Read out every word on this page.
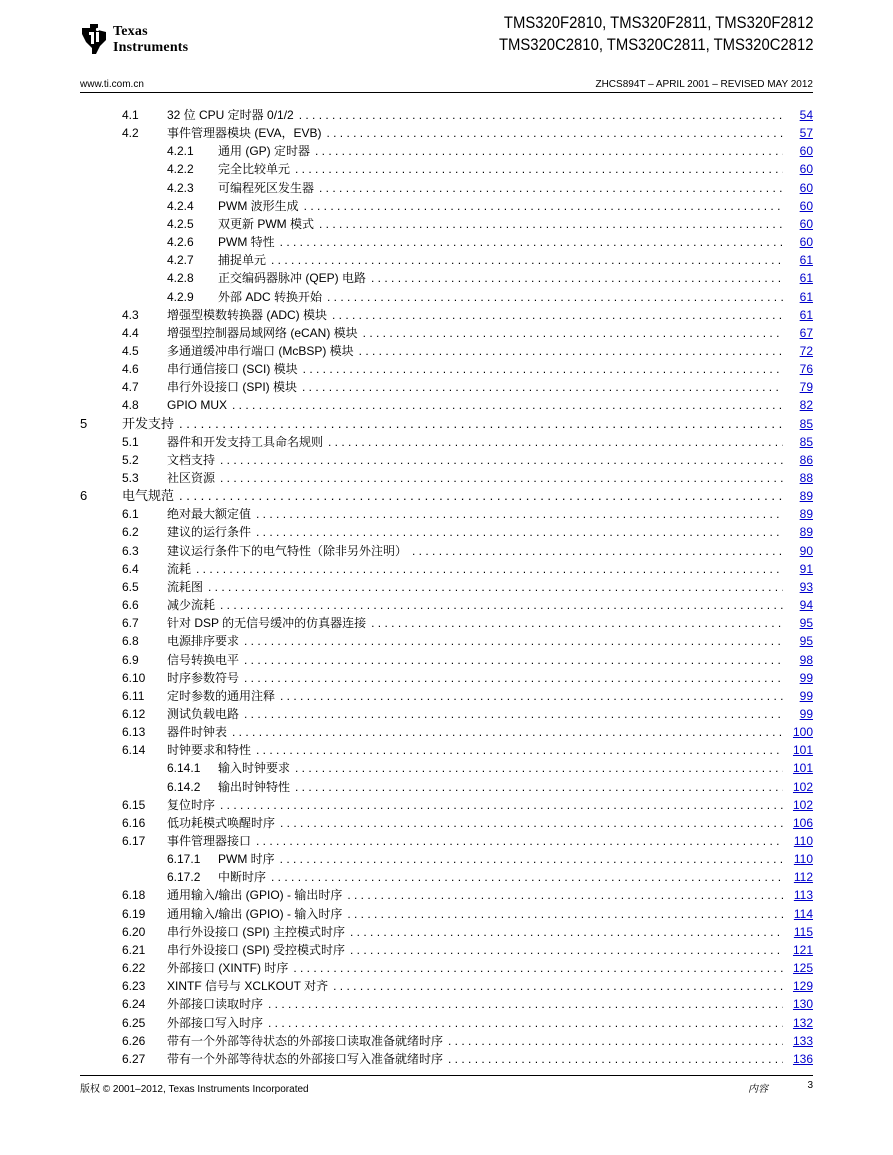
Texas
Instruments
TMS320F2810, TMS320F2811, TMS320F2812
TMS320C2810, TMS320C2811, TMS320C2812
www.ti.com.cn	ZHCS894T – APRIL 2001 – REVISED MAY 2012
4.1 32 位 CPU 定时器 0/1/2 . . .	54
4.2 事件管理器模块 (EVA，EVB) . . .	57
4.2.1 通用 (GP) 定时器 . . .	60
4.2.2 完全比较单元 . . .	60
4.2.3 可编程死区发生器 . . .	60
4.2.4 PWM 波形生成 . . .	60
4.2.5 双更新 PWM 模式 . . .	60
4.2.6 PWM 特性 . . .	60
4.2.7 捕捉单元 . . .	61
4.2.8 正交编码器脉冲 (QEP) 电路 . . .	61
4.2.9 外部 ADC 转换开始 . . .	61
4.3 增强型模数转换器 (ADC) 模块 . . .	61
4.4 增强型控制器局域网络 (eCAN) 模块 . . .	67
4.5 多通道缓冲串行端口 (McBSP) 模块 . . .	72
4.6 串行通信接口 (SCI) 模块 . . .	76
4.7 串行外设接口 (SPI) 模块 . . .	79
4.8 GPIO MUX . . .	82
5	开发支持 . . .	85
5.1 器件和开发支持工具命名规则 . . .	85
5.2 文档支持 . . .	86
5.3 社区资源 . . .	88
6	电气规范 . . .	89
6.1 绝对最大额定值 . . .	89
6.2 建议的运行条件 . . .	89
6.3 建议运行条件下的电气特性（除非另外注明） . . .	90
6.4 流耗 . . .	91
6.5 流耗图 . . .	93
6.6 减少流耗 . . .	94
6.7 针对 DSP 的无信号缓冲的仿真器连接 . . .	95
6.8 电源排序要求 . . .	95
6.9 信号转换电平 . . .	98
6.10 时序参数符号 . . .	99
6.11 定时参数的通用注释 . . .	99
6.12 测试负载电路 . . .	99
6.13 器件时钟表 . . .	100
6.14 时钟要求和特性 . . .	101
6.14.1 输入时钟要求 . . .	101
6.14.2 输出时钟特性 . . .	102
6.15 复位时序 . . .	102
6.16 低功耗模式唤醒时序 . . .	106
6.17 事件管理器接口 . . .	110
6.17.1 PWM 时序 . . .	110
6.17.2 中断时序 . . .	112
6.18 通用输入/输出 (GPIO) - 输出时序 . . .	113
6.19 通用输入/输出 (GPIO) - 输入时序 . . .	114
6.20 串行外设接口 (SPI) 主控模式时序 . . .	115
6.21 串行外设接口 (SPI) 受控模式时序 . . .	121
6.22 外部接口 (XINTF) 时序 . . .	125
6.23 XINTF 信号与 XCLKOUT 对齐 . . .	129
6.24 外部接口读取时序 . . .	130
6.25 外部接口写入时序 . . .	132
6.26 带有一个外部等待状态的外部接口读取准备就绪时序 . . .	133
6.27 带有一个外部等待状态的外部接口写入准备就绪时序 . . .	136
版权 © 2001–2012, Texas Instruments Incorporated	内容	3
